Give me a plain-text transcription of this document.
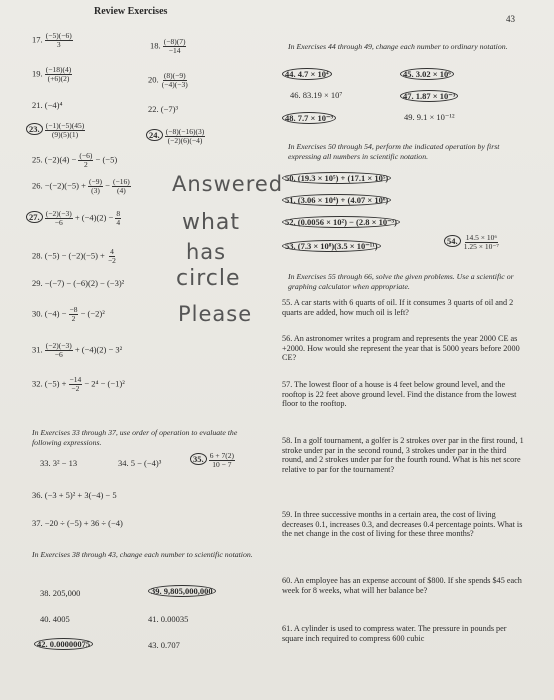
Review Exercises
43
17. $\frac{(-5)(-6)}{3}$	18. $\frac{(-8)(7)}{-14}$
19. $\frac{(-18)(4)}{(+6)(2)}$	20. $\frac{(8)(-9)}{(-4)(-3)}$
21. (−4)⁴	22. (−7)³
23. $\frac{(-1)(-5)(45)}{(9)(5)(1)}$	24. $\frac{(-8)(-16)(3)}{(-2)(6)(-4)}$
25. $(-2)(4) - \frac{(-6)}{2} - (-5)$
26. $-(-2)(-5) + \frac{(-9)}{(3)} - \frac{(-16)}{(4)}$
27. $\frac{(-2)(-3)}{-6} + (-4)(2) - \frac{8}{4}$
28. $(-5) - (-2)(-5) + \frac{4}{-2}$
29. −(−7) − (−6)(2) − (−3)²
30. $(-4) - \frac{-8}{2} - (-2)^2$
31. $\frac{(-2)(-3)}{-6} + (-4)(2) - 3^2$
32. $(-5) + \frac{-14}{-2} - 2^4 - (-1)^2$
In Exercises 33 through 37, use order of operation to evaluate the following expressions.
33. 3² − 13	34. 5 − (−4)³	35. $\frac{6 + 7(2)}{10 - 7}$
36. (−3 + 5)² + 3(−4) − 5
37. −20 ÷ (−5) + 36 ÷ (−4)
In Exercises 38 through 43, change each number to scientific notation.
38. 205,000	39. 9,805,000,000
40. 4005	41. 0.00035
42. 0.00000075	43. 0.707
Answered
what
has
circle
Please
In Exercises 44 through 49, change each number to ordinary notation.
44. 4.7 × 10⁴	45. 3.02 × 10⁶
46. 83.19 × 10⁷	47. 1.87 × 10⁻³
48. 7.7 × 10⁻⁹	49. 9.1 × 10⁻¹²
In Exercises 50 through 54, perform the indicated operation by first expressing all numbers in scientific notation.
50. (19.3 × 10⁵) + (17.1 × 10⁵)
51. (3.06 × 10⁴) + (4.07 × 10⁶)
52. (0.0056 × 10²) − (2.8 × 10⁻³)
53. (7.3 × 10⁸)(3.5 × 10⁻¹¹)	54. $\frac{\text{14.5 × 10⁶}}{\text{1.25 × 10⁻⁷}}$
In Exercises 55 through 66, solve the given problems. Use a scientific or graphing calculator when appropriate.
55. A car starts with 6 quarts of oil. If it consumes 3 quarts of oil and 2 quarts are added, how much oil is left?
56. An astronomer writes a program and represents the year 2000 CE as +2000. How would she represent the year that is 5000 years before 2000 CE?
57. The lowest floor of a house is 4 feet below ground level, and the rooftop is 22 feet above ground level. Find the distance from the lowest floor to the rooftop.
58. In a golf tournament, a golfer is 2 strokes over par in the first round, 1 stroke under par in the second round, 3 strokes under par in the third round, and 2 strokes under par for the fourth round. What is his net score relative to par for the tournament?
59. In three successive months in a certain area, the cost of living decreases 0.1, increases 0.3, and decreases 0.4 percentage points. What is the net change in the cost of living for these three months?
60. An employee has an expense account of $800. If she spends $45 each week for 8 weeks, what will her balance be?
61. A cylinder is used to compress water. The pressure in pounds per square inch required to compress 600 cubic
